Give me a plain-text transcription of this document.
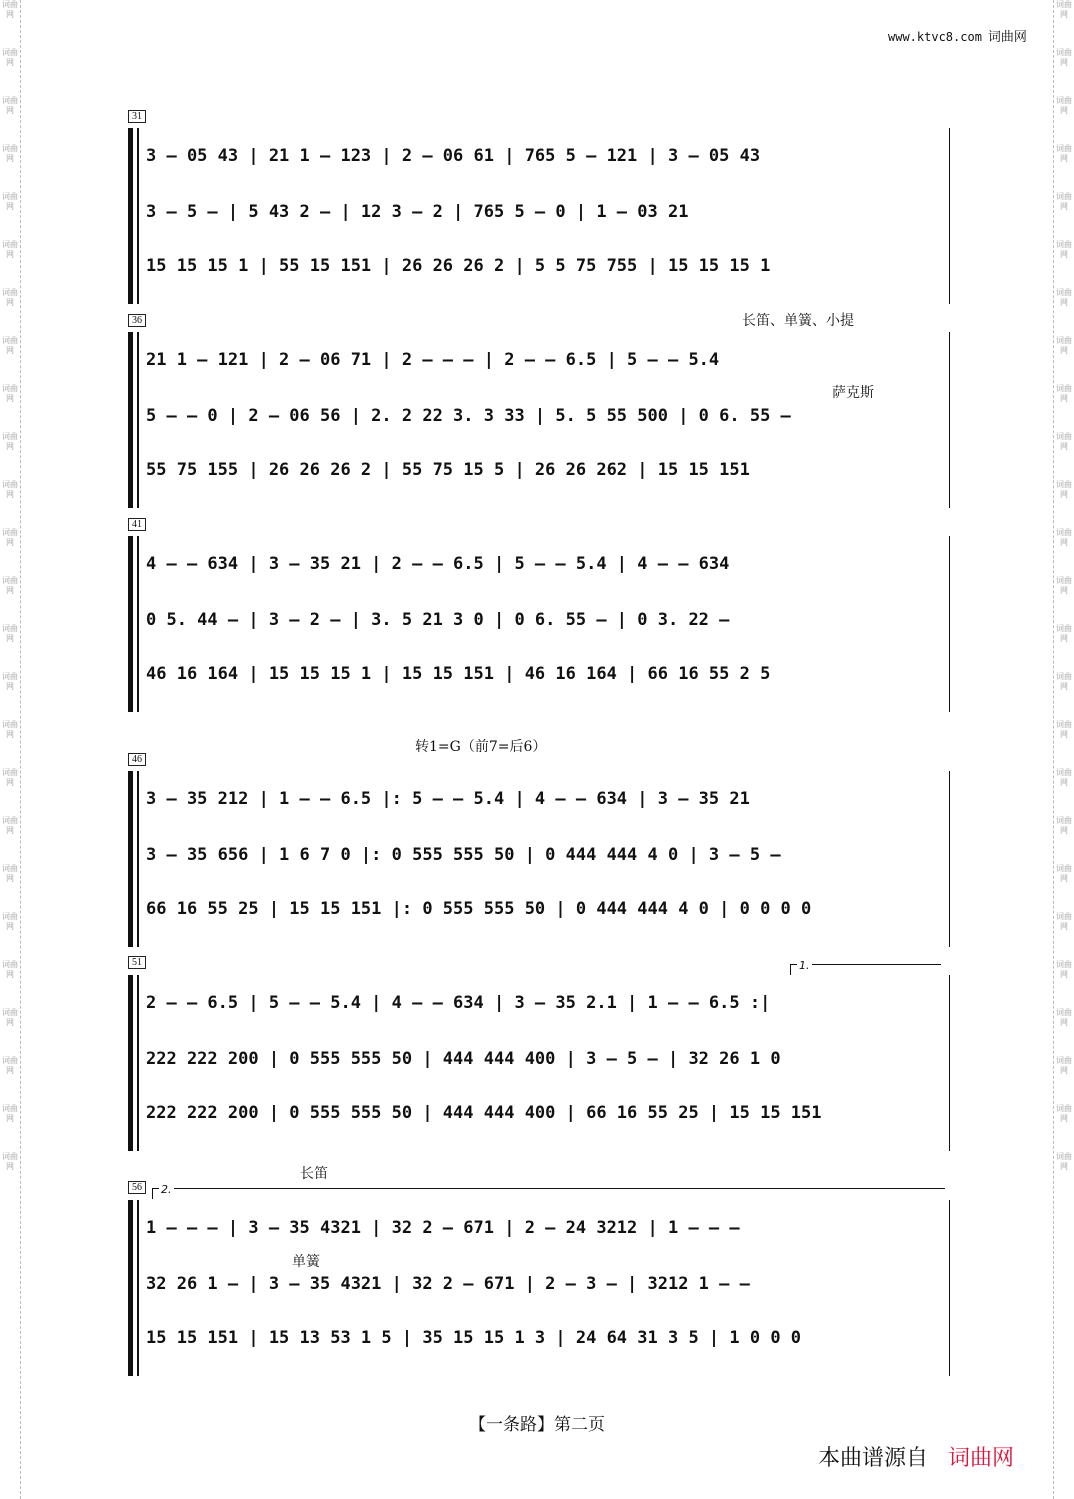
词曲网
词曲网
词曲网
词曲网
词曲网
词曲网
词曲网
词曲网
词曲网
词曲网
词曲网
词曲网
词曲网
词曲网
词曲网
词曲网
词曲网
词曲网
词曲网
词曲网
词曲网
词曲网
词曲网
词曲网
词曲网
词曲网
词曲网
词曲网
词曲网
词曲网
词曲网
词曲网
词曲网
词曲网
词曲网
词曲网
词曲网
词曲网
词曲网
词曲网
词曲网
词曲网
词曲网
词曲网
词曲网
词曲网
词曲网
词曲网
词曲网
词曲网
www.ktvc8.com 词曲网
31
3 – 05 43 | 21 1 – 123 | 2 – 06 61 | 765 5 – 121 | 3 – 05 43
3 – 5 – | 5 43 2 – | 12 3 – 2 | 765 5 – 0 | 1 – 03 21
15 15 15 1 | 55 15 151 | 26 26 26 2 | 5 5 75 755 | 15 15 15 1
长笛、单簧、小提
36
萨克斯
21 1 – 121 | 2 – 06 71 | 2 – – – | 2 – – 6.5 | 5 – – 5.4
5 – – 0 | 2 – 06 56 | 2. 2 22 3. 3 33 | 5. 5 55 500 | 0 6. 55 –
55 75 155 | 26 26 26 2 | 55 75 15 5 | 26 26 262 | 15 15 151
41
4 – – 634 | 3 – 35 21 | 2 – – 6.5 | 5 – – 5.4 | 4 – – 634
0 5. 44 – | 3 – 2 – | 3. 5 21 3 0 | 0 6. 55 – | 0 3. 22 –
46 16 164 | 15 15 15 1 | 15 15 151 | 46 16 164 | 66 16 55 2 5
转1=G（前7=后6）
46
3 – 35 212 | 1 – – 6.5 |: 5 – – 5.4 | 4 – – 634 | 3 – 35 21
3 – 35 656 | 1 6 7 0 |: 0 555 555 50 | 0 444 444 4 0 | 3 – 5 –
66 16 55 25 | 15 15 151 |: 0 555 555 50 | 0 444 444 4 0 | 0 0 0 0
51	1.
2 – – 6.5 | 5 – – 5.4 | 4 – – 634 | 3 – 35 2.1 | 1 – – 6.5 :|
222 222 200 | 0 555 555 50 | 444 444 400 | 3 – 5 – | 32 26 1 0
222 222 200 | 0 555 555 50 | 444 444 400 | 66 16 55 25 | 15 15 151
长笛
56	2.
单簧
1 – – – | 3 – 35 4321 | 32 2 – 671 | 2 – 24 3212 | 1 – – –
32 26 1 – | 3 – 35 4321 | 32 2 – 671 | 2 – 3 – | 3212 1 – –
15 15 151 | 15 13 53 1 5 | 35 15 15 1 3 | 24 64 31 3 5 | 1 0 0 0
【一条路】第二页
本曲谱源自 词曲网
